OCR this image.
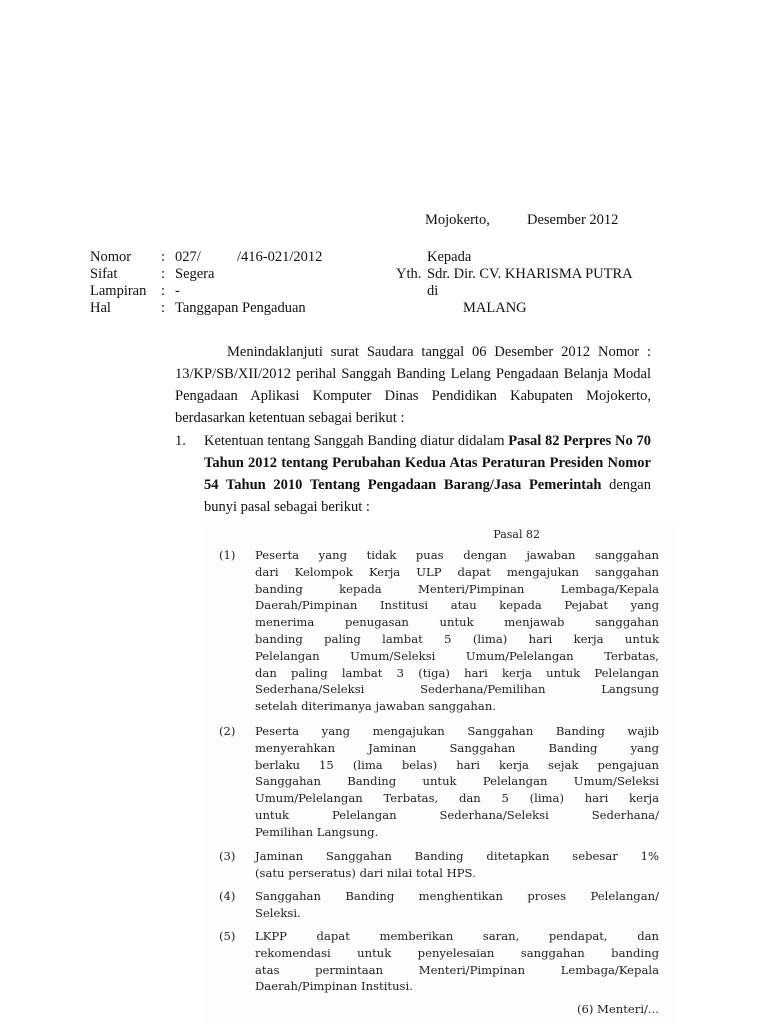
Mojokerto,	Desember 2012
Nomor : 027/          /416-021/2012
Sifat	: Segera
Lampiran : -
Hal	: Tanggapan Pengaduan
Kepada
Yth. Sdr. Dir. CV. KHARISMA PUTRA
di
MALANG
Menindaklanjuti surat Saudara tanggal 06 Desember 2012 Nomor :
13/KP/SB/XII/2012 perihal Sanggah Banding Lelang Pengadaan Belanja Modal
Pengadaan Aplikasi Komputer Dinas Pendidikan Kabupaten Mojokerto,
berdasarkan ketentuan sebagai berikut :
1. Ketentuan tentang Sanggah Banding diatur didalam Pasal 82 Perpres No 70
Tahun 2012 tentang Perubahan Kedua Atas Peraturan Presiden Nomor
54 Tahun 2010 Tentang Pengadaan Barang/Jasa Pemerintah dengan
bunyi pasal sebagai berikut :
Pasal 82
(1) Peserta yang tidak puas dengan jawaban sanggahan
dari Kelompok Kerja ULP dapat mengajukan sanggahan
banding kepada Menteri/Pimpinan Lembaga/Kepala
Daerah/Pimpinan Institusi atau kepada Pejabat yang
menerima penugasan untuk menjawab sanggahan
banding paling lambat 5 (lima) hari kerja untuk
Pelelangan Umum/Seleksi Umum/Pelelangan Terbatas,
dan paling lambat 3 (tiga) hari kerja untuk Pelelangan
Sederhana/Seleksi Sederhana/Pemilihan Langsung
setelah diterimanya jawaban sanggahan.
(2) Peserta yang mengajukan Sanggahan Banding wajib
menyerahkan Jaminan Sanggahan Banding yang
berlaku 15 (lima belas) hari kerja sejak pengajuan
Sanggahan Banding untuk Pelelangan Umum/Seleksi
Umum/Pelelangan Terbatas, dan 5 (lima) hari kerja
untuk Pelelangan Sederhana/Seleksi Sederhana/
Pemilihan Langsung.
(3) Jaminan Sanggahan Banding ditetapkan sebesar 1%
(satu perseratus) dari nilai total HPS.
(4) Sanggahan Banding menghentikan proses Pelelangan/
Seleksi.
(5) LKPP dapat memberikan saran, pendapat, dan
rekomendasi untuk penyelesaian sanggahan banding
atas permintaan Menteri/Pimpinan Lembaga/Kepala
Daerah/Pimpinan Institusi.
(6) Menteri/...
